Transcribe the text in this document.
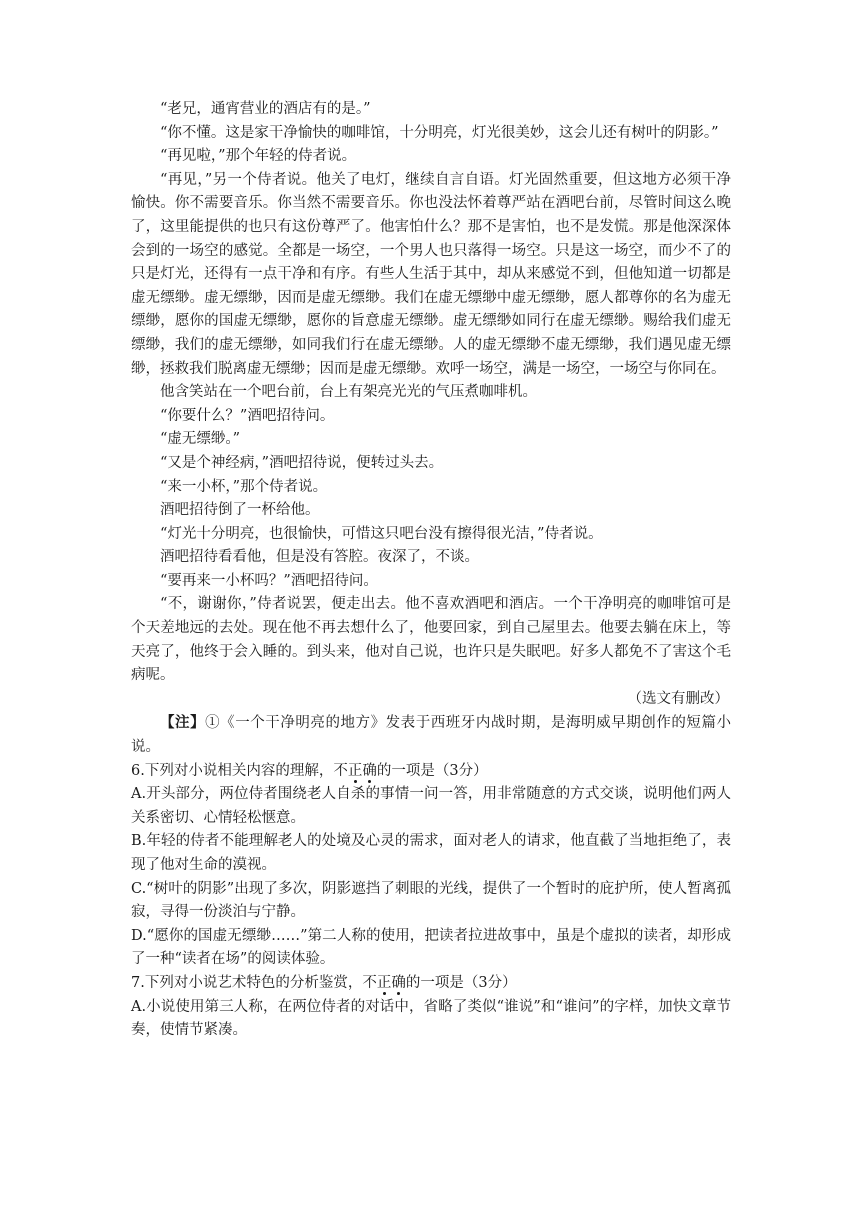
“老兄，通宵营业的酒店有的是。”

“你不懂。这是家干净愉快的咖啡馆，十分明亮，灯光很美妙，这会儿还有树叶的阴影。”

“再见啦，”那个年轻的侍者说。

“再见，”另一个侍者说。他关了电灯，继续自言自语。灯光固然重要，但这地方必须干净愉快。你不需要音乐。你当然不需要音乐。你也没法怀着尊严站在酒吧台前，尽管时间这么晚了，这里能提供的也只有这份尊严了。他害怕什么？那不是害怕，也不是发慌。那是他深深体会到的一场空的感觉。全都是一场空，一个男人也只落得一场空。只是这一场空，而少不了的只是灯光，还得有一点干净和有序。有些人生活于其中，却从来感觉不到，但他知道一切都是虚无缥缈。虚无缥缈，因而是虚无缥缈。我们在虚无缥缈中虚无缥缈，愿人都尊你的名为虚无缥缈，愿你的国虚无缥缈，愿你的旨意虚无缥缈。虚无缥缈如同行在虚无缥缈。赐给我们虚无缥缈，我们的虚无缥缈，如同我们行在虚无缥缈。人的虚无缥缈不虚无缥缈，我们遇见虚无缥缈，拯救我们脱离虚无缥缈；因而是虚无缥缈。欢呼一场空，满是一场空，一场空与你同在。

他含笑站在一个吧台前，台上有架亮光光的气压煮咖啡机。

“你要什么？”酒吧招待问。

“虚无缥缈。”

“又是个神经病，”酒吧招待说，便转过头去。

“来一小杯，”那个侍者说。

酒吧招待倒了一杯给他。

“灯光十分明亮，也很愉快，可惜这只吧台没有擦得很光洁，”侍者说。

酒吧招待看看他，但是没有答腔。夜深了，不谈。

“要再来一小杯吗？”酒吧招待问。

“不，谢谢你，”侍者说罢，便走出去。他不喜欢酒吧和酒店。一个干净明亮的咖啡馆可是个天差地远的去处。现在他不再去想什么了，他要回家，到自己屋里去。他要去躺在床上，等天亮了，他终于会入睡的。到头来，他对自己说，也许只是失眠吧。好多人都免不了害这个毛病呢。

（选文有删改）

【注】①《一个干净明亮的地方》发表于西班牙内战时期，是海明威早期创作的短篇小说。

6.下列对小说相关内容的理解，不正确的一项是（3分）

A.开头部分，两位侍者围绕老人自杀的事情一问一答，用非常随意的方式交谈，说明他们两人关系密切、心情轻松惬意。

B.年轻的侍者不能理解老人的处境及心灵的需求，面对老人的请求，他直截了当地拒绝了，表现了他对生命的漠视。

C.“树叶的阴影”出现了多次，阴影遮挡了刺眼的光线，提供了一个暂时的庇护所，使人暂离孤寂，寻得一份淡泊与宁静。

D.“愿你的国虚无缥缈……”第二人称的使用，把读者拉进故事中，虽是个虚拟的读者，却形成了一种“读者在场”的阅读体验。

7.下列对小说艺术特色的分析鉴赏，不正确的一项是（3分）

A.小说使用第三人称，在两位侍者的对话中，省略了类似“谁说”和“谁问”的字样，加快文章节奏，使情节紧凑。
